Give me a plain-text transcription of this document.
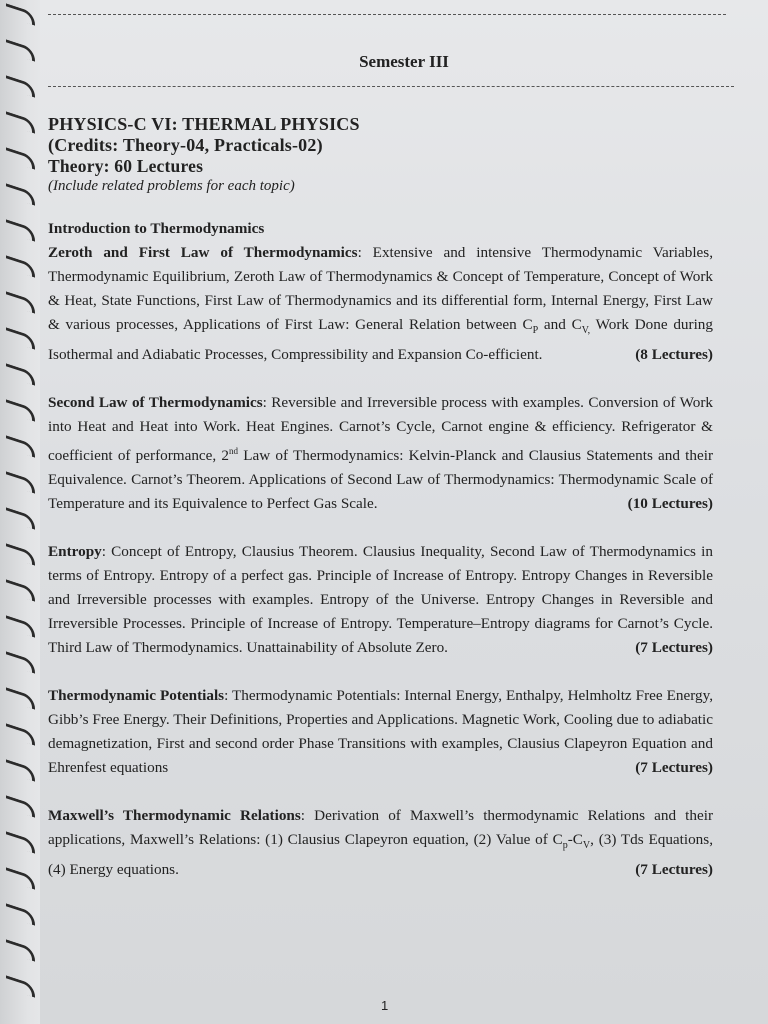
Semester III
PHYSICS-C VI: THERMAL PHYSICS
(Credits: Theory-04, Practicals-02)
Theory: 60 Lectures
(Include related problems for each topic)
Introduction to Thermodynamics
Zeroth and First Law of Thermodynamics: Extensive and intensive Thermodynamic Variables, Thermodynamic Equilibrium, Zeroth Law of Thermodynamics & Concept of Temperature, Concept of Work & Heat, State Functions, First Law of Thermodynamics and its differential form, Internal Energy, First Law & various processes, Applications of First Law: General Relation between $C_P$ and $C_{V,}$ Work Done during Isothermal and Adiabatic Processes, Compressibility and Expansion Co-efficient.	(8 Lectures)
Second Law of Thermodynamics: Reversible and Irreversible process with examples. Conversion of Work into Heat and Heat into Work. Heat Engines. Carnot’s Cycle, Carnot engine & efficiency. Refrigerator & coefficient of performance, 2nd Law of Thermodynamics: Kelvin-Planck and Clausius Statements and their Equivalence. Carnot’s Theorem. Applications of Second Law of Thermodynamics: Thermodynamic Scale of Temperature and its Equivalence to Perfect Gas Scale.	(10 Lectures)
Entropy: Concept of Entropy, Clausius Theorem. Clausius Inequality, Second Law of Thermodynamics in terms of Entropy. Entropy of a perfect gas. Principle of Increase of Entropy. Entropy Changes in Reversible and Irreversible processes with examples. Entropy of the Universe. Entropy Changes in Reversible and Irreversible Processes. Principle of Increase of Entropy. Temperature–Entropy diagrams for Carnot’s Cycle. Third Law of Thermodynamics. Unattainability of Absolute Zero.	(7 Lectures)
Thermodynamic Potentials: Thermodynamic Potentials: Internal Energy, Enthalpy, Helmholtz Free Energy, Gibb’s Free Energy. Their Definitions, Properties and Applications. Magnetic Work, Cooling due to adiabatic demagnetization, First and second order Phase Transitions with examples, Clausius Clapeyron Equation and Ehrenfest equations	(7 Lectures)
Maxwell’s Thermodynamic Relations: Derivation of Maxwell’s thermodynamic Relations and their applications, Maxwell’s Relations: (1) Clausius Clapeyron equation, (2) Value of $C_p-C_V$, (3) Tds Equations, (4) Energy equations.	(7 Lectures)
1
